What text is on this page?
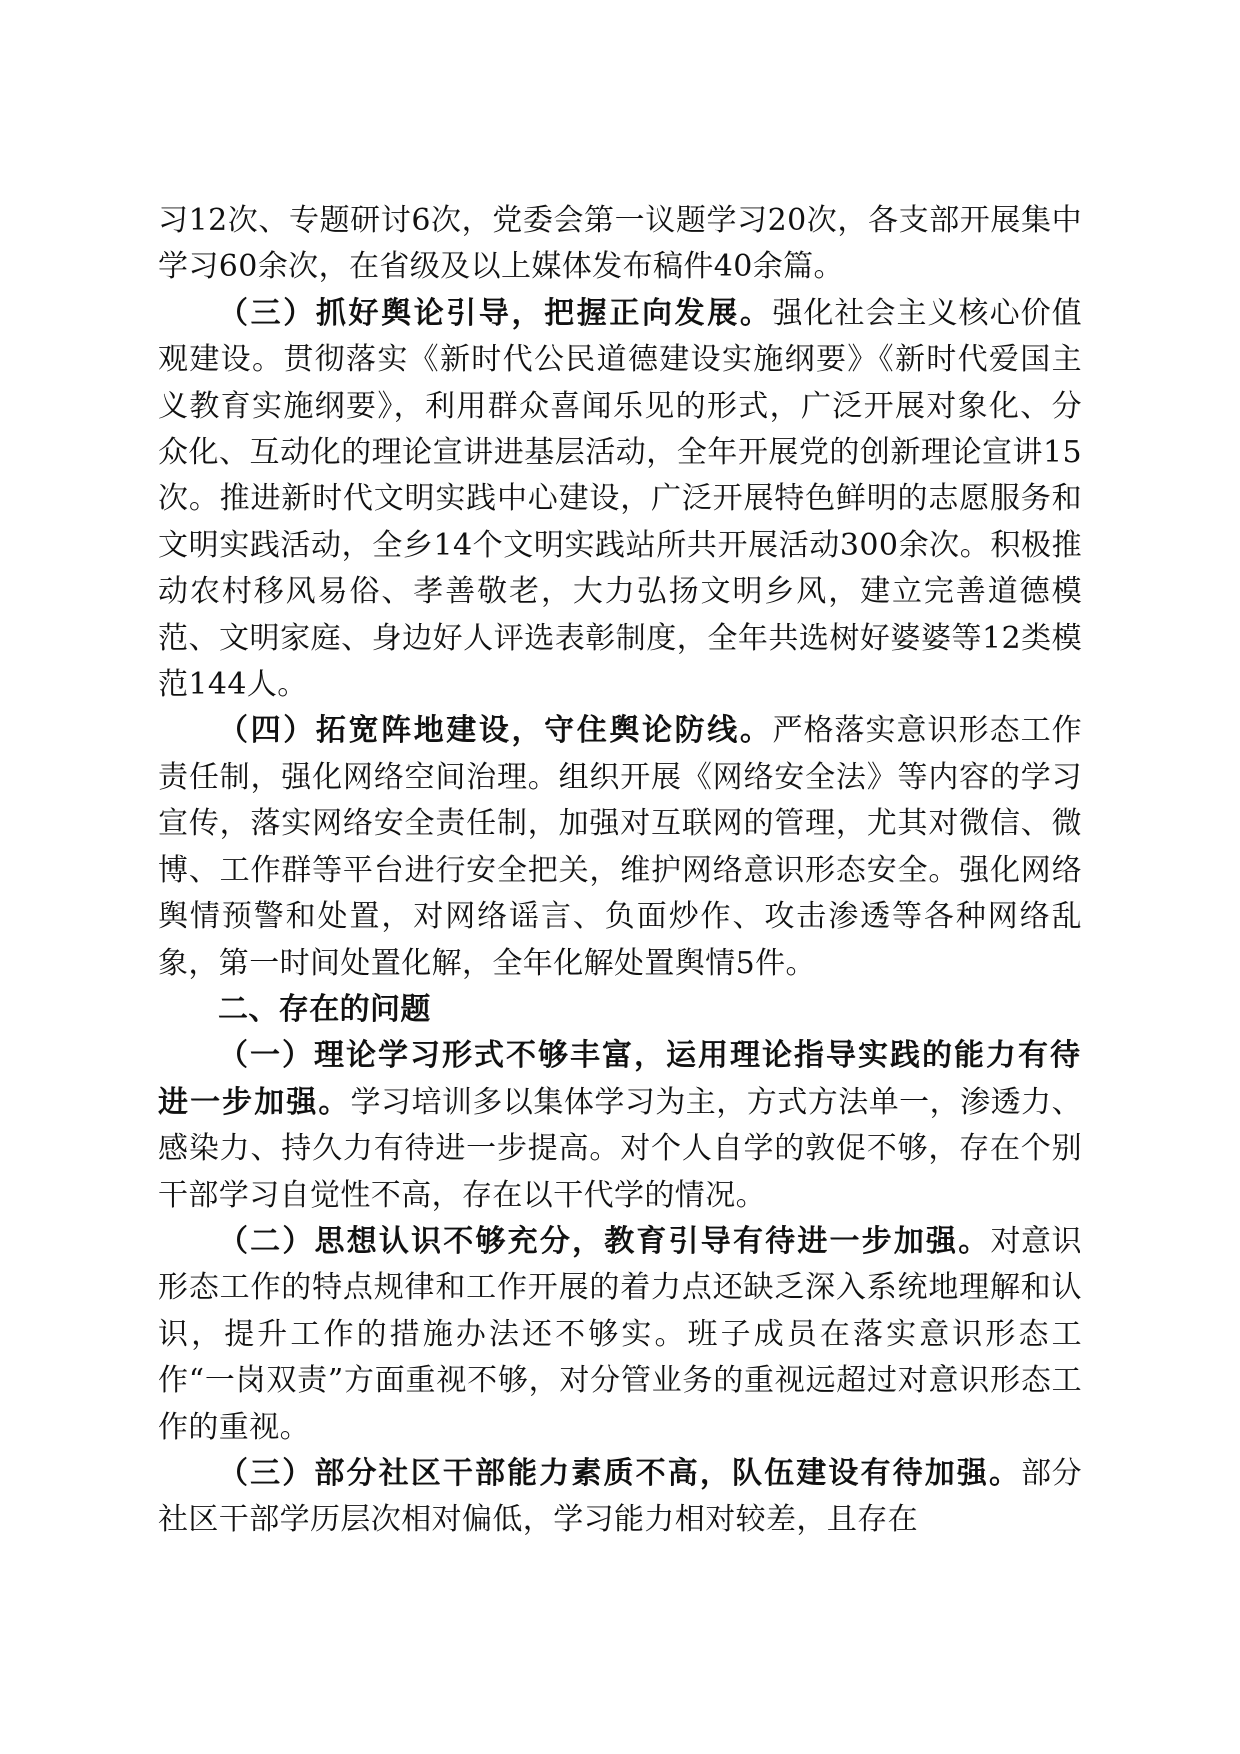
习12次、专题研讨6次，党委会第一议题学习20次，各支部开展集中学习60余次，在省级及以上媒体发布稿件40余篇。

（三）抓好舆论引导，把握正向发展。强化社会主义核心价值观建设。贯彻落实《新时代公民道德建设实施纲要》《新时代爱国主义教育实施纲要》，利用群众喜闻乐见的形式，广泛开展对象化、分众化、互动化的理论宣讲进基层活动，全年开展党的创新理论宣讲15次。推进新时代文明实践中心建设，广泛开展特色鲜明的志愿服务和文明实践活动，全乡14个文明实践站所共开展活动300余次。积极推动农村移风易俗、孝善敬老，大力弘扬文明乡风，建立完善道德模范、文明家庭、身边好人评选表彰制度，全年共选树好婆婆等12类模范144人。

（四）拓宽阵地建设，守住舆论防线。严格落实意识形态工作责任制，强化网络空间治理。组织开展《网络安全法》等内容的学习宣传，落实网络安全责任制，加强对互联网的管理，尤其对微信、微博、工作群等平台进行安全把关，维护网络意识形态安全。强化网络舆情预警和处置，对网络谣言、负面炒作、攻击渗透等各种网络乱象，第一时间处置化解，全年化解处置舆情5件。

二、存在的问题

（一）理论学习形式不够丰富，运用理论指导实践的能力有待进一步加强。学习培训多以集体学习为主，方式方法单一，渗透力、感染力、持久力有待进一步提高。对个人自学的敦促不够，存在个别干部学习自觉性不高，存在以干代学的情况。

（二）思想认识不够充分，教育引导有待进一步加强。对意识形态工作的特点规律和工作开展的着力点还缺乏深入系统地理解和认识，提升工作的措施办法还不够实。班子成员在落实意识形态工作“一岗双责”方面重视不够，对分管业务的重视远超过对意识形态工作的重视。

（三）部分社区干部能力素质不高，队伍建设有待加强。部分社区干部学历层次相对偏低，学习能力相对较差，且存在
